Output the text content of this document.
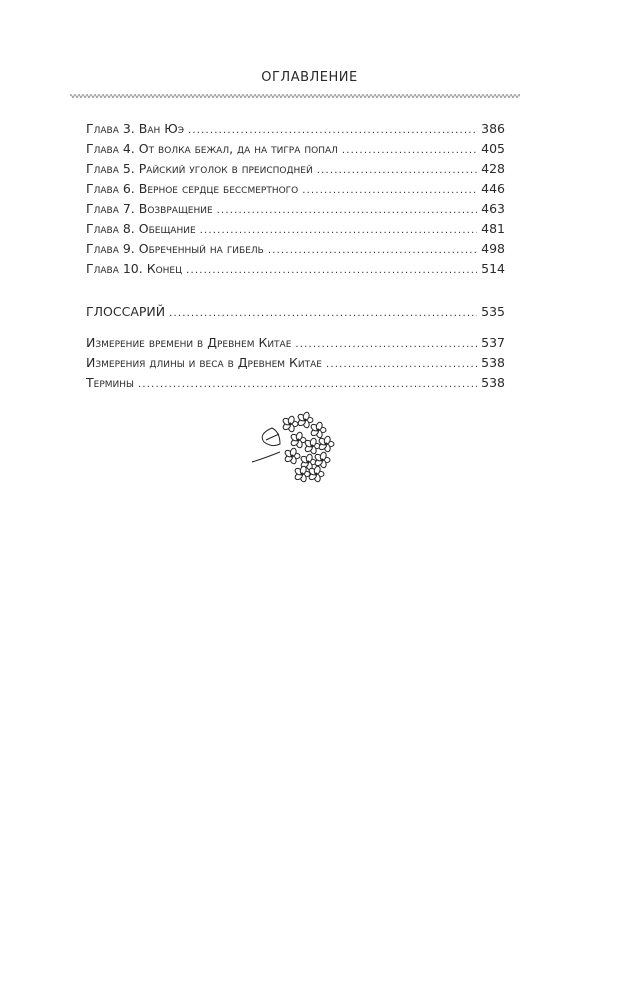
ОГЛАВЛЕНИЕ
Глава 3. Ван Юэ .....	386
Глава 4. От волка бежал, да на тигра попал .....	405
Глава 5. Райский уголок в преисподней .....	428
Глава 6. Верное сердце бессмертного .....	446
Глава 7. Возвращение .....	463
Глава 8. Обещание .....	481
Глава 9. Обреченный на гибель .....	498
Глава 10. Конец .....	514
ГЛОССАРИЙ .....	535
Измерение времени в Древнем Китае .....	537
Измерения длины и веса в Древнем Китае .....	538
Термины .....	538
